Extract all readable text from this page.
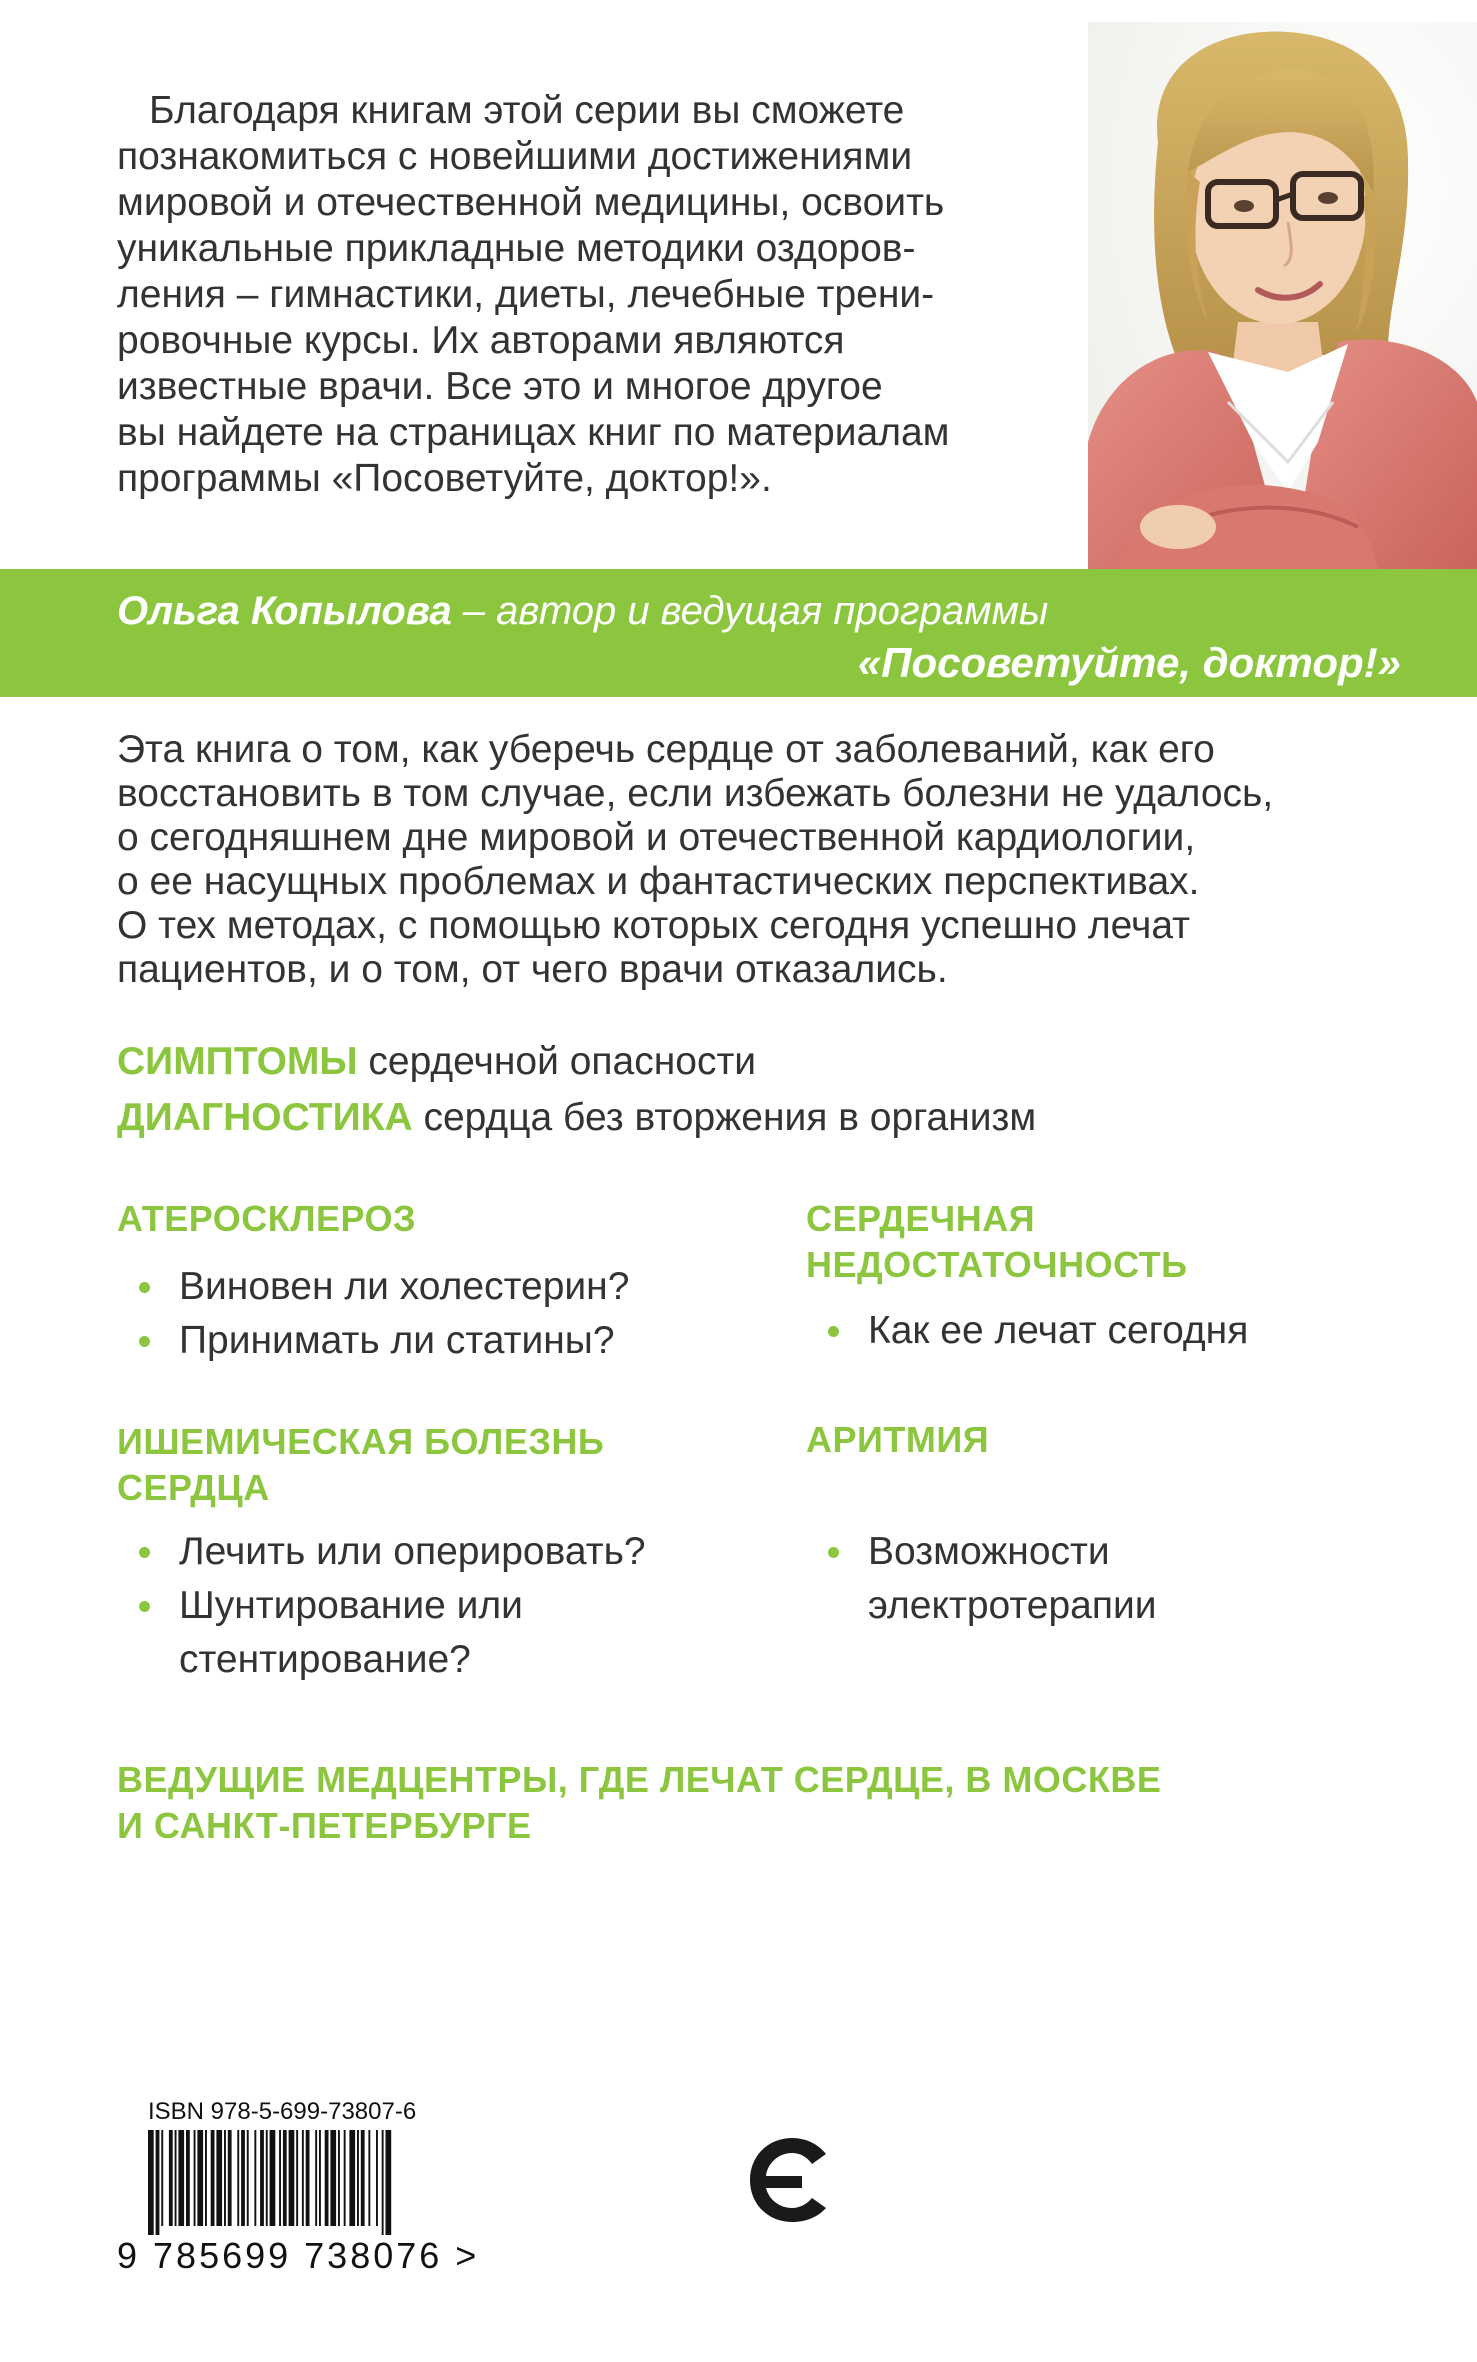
Благодаря книгам этой серии вы сможете
познакомиться с новейшими достижениями
мировой и отечественной медицины, освоить
уникальные прикладные методики оздоров-
ления – гимнастики, диеты, лечебные трени-
ровочные курсы. Их авторами являются
известные врачи. Все это и многое другое
вы найдете на страницах книг по материалам
программы «Посоветуйте, доктор!».
Ольга Копылова – автор и ведущая программы
«Посоветуйте, доктор!»
Эта книга о том, как уберечь сердце от заболеваний, как его
восстановить в том случае, если избежать болезни не удалось,
о сегодняшнем дне мировой и отечественной кардиологии,
о ее насущных проблемах и фантастических перспективах.
О тех методах, с помощью которых сегодня успешно лечат
пациентов, и о том, от чего врачи отказались.
СИМПТОМЫ сердечной опасности
ДИАГНОСТИКА сердца без вторжения в организм
АТЕРОСКЛЕРОЗ
Виновен ли холестерин?
Принимать ли статины?
СЕРДЕЧНАЯ
НЕДОСТАТОЧНОСТЬ
Как ее лечат сегодня
ИШЕМИЧЕСКАЯ БОЛЕЗНЬ
СЕРДЦА
Лечить или оперировать?
Шунтирование или
стентирование?
АРИТМИЯ
Возможности
электротерапии
ВЕДУЩИЕ МЕДЦЕНТРЫ, ГДЕ ЛЕЧАТ СЕРДЦЕ, В МОСКВЕ
И САНКТ-ПЕТЕРБУРГЕ
ISBN 978-5-699-73807-6
9 785699 738076 >
